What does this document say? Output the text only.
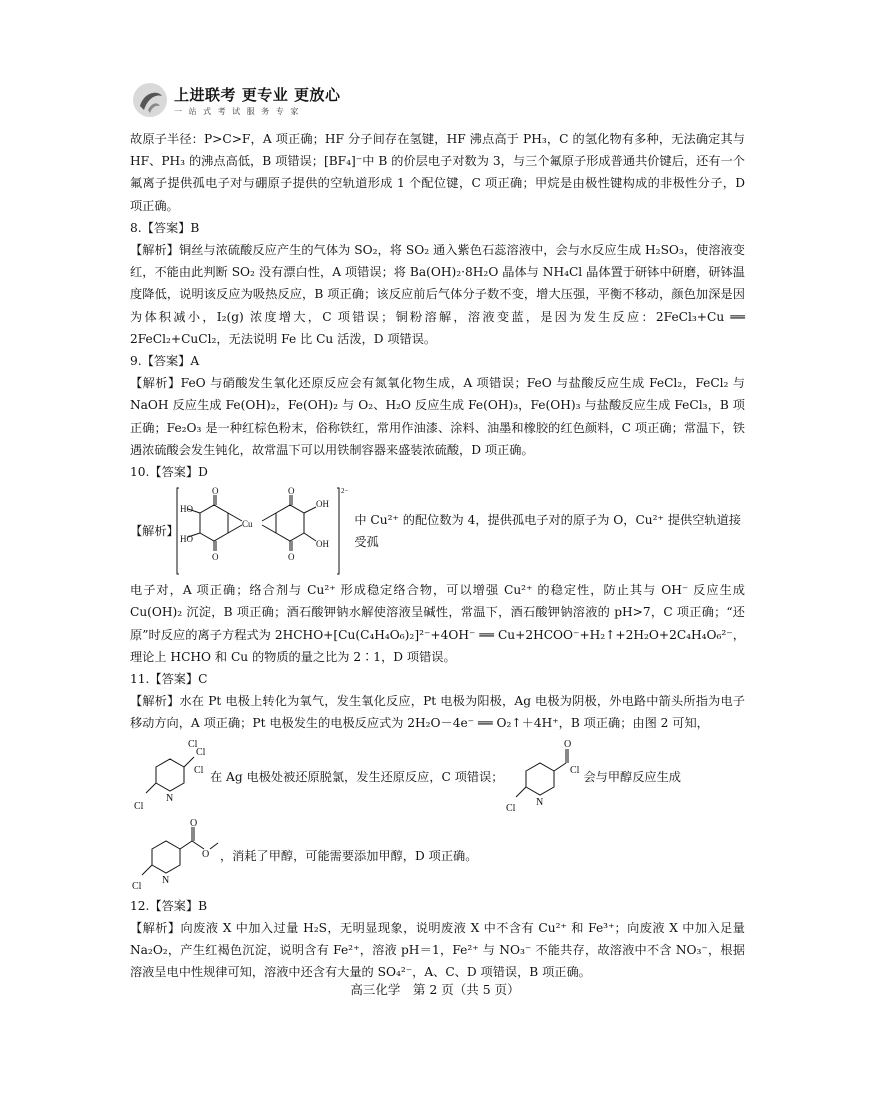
上进联考 更专业 更放心
一 站 式 考 试 服 务 专 家

故原子半径：P>C>F，A 项正确；HF 分子间存在氢键，HF 沸点高于 PH₃，C 的氢化物有多种，无法确定其与 HF、PH₃ 的沸点高低，B 项错误；[BF₄]⁻中 B 的价层电子对数为 3，与三个氟原子形成普通共价键后，还有一个氟离子提供孤电子对与硼原子提供的空轨道形成 1 个配位键，C 项正确；甲烷是由极性键构成的非极性分子，D 项正确。

8.【答案】B

【解析】铜丝与浓硫酸反应产生的气体为 SO₂，将 SO₂ 通入紫色石蕊溶液中，会与水反应生成 H₂SO₃，使溶液变红，不能由此判断 SO₂ 没有漂白性，A 项错误；将 Ba(OH)₂·8H₂O 晶体与 NH₄Cl 晶体置于研钵中研磨，研钵温度降低，说明该反应为吸热反应，B 项正确；该反应前后气体分子数不变，增大压强，平衡不移动，颜色加深是因为体积减小，I₂(g) 浓度增大，C 项错误；铜粉溶解，溶液变蓝，是因为发生反应：2FeCl₃+Cu ══ 2FeCl₂+CuCl₂，无法说明 Fe 比 Cu 活泼，D 项错误。

9.【答案】A

【解析】FeO 与硝酸发生氧化还原反应会有氮氧化物生成，A 项错误；FeO 与盐酸反应生成 FeCl₂，FeCl₂ 与 NaOH 反应生成 Fe(OH)₂，Fe(OH)₂ 与 O₂、H₂O 反应生成 Fe(OH)₃，Fe(OH)₃ 与盐酸反应生成 FeCl₃，B 项正确；Fe₂O₃ 是一种红棕色粉末，俗称铁红，常用作油漆、涂料、油墨和橡胶的红色颜料，C 项正确；常温下，铁遇浓硫酸会发生钝化，故常温下可以用铁制容器来盛装浓硫酸，D 项正确。

10.【答案】D

【解析】
HO
HO
O
O
Cu
O
O
OH
OH
2−
中 Cu²⁺ 的配位数为 4，提供孤电子对的原子为 O，Cu²⁺ 提供空轨道接受孤

电子对，A 项正确；络合剂与 Cu²⁺ 形成稳定络合物，可以增强 Cu²⁺ 的稳定性，防止其与 OH⁻ 反应生成 Cu(OH)₂ 沉淀，B 项正确；酒石酸钾钠水解使溶液呈碱性，常温下，酒石酸钾钠溶液的 pH>7，C 项正确；“还原”时反应的离子方程式为 2HCHO+[Cu(C₄H₄O₆)₂]²⁻+4OH⁻ ══ Cu+2HCOO⁻+H₂↑+2H₂O+2C₄H₄O₆²⁻，理论上 HCHO 和 Cu 的物质的量之比为 2∶1，D 项错误。

11.【答案】C

【解析】水在 Pt 电极上转化为氧气，发生氧化反应，Pt 电极为阳极，Ag 电极为阴极，外电路中箭头所指为电子移动方向，A 项正确；Pt 电极发生的电极反应式为 2H₂O－4e⁻ ══ O₂↑＋4H⁺，B 项正确；由图 2 可知，

Cl
Cl
Cl
N
Cl
在 Ag 电极处被还原脱氯，发生还原反应，C 项错误；
O
Cl
N
Cl
会与甲醇反应生成
O
O
N
Cl
，消耗了甲醇，可能需要添加甲醇，D 项正确。

12.【答案】B

【解析】向废液 X 中加入过量 H₂S，无明显现象，说明废液 X 中不含有 Cu²⁺ 和 Fe³⁺；向废液 X 中加入足量 Na₂O₂，产生红褐色沉淀，说明含有 Fe²⁺，溶液 pH＝1，Fe²⁺ 与 NO₃⁻ 不能共存，故溶液中不含 NO₃⁻，根据溶液呈电中性规律可知，溶液中还含有大量的 SO₄²⁻，A、C、D 项错误，B 项正确。

高三化学　第 2 页（共 5 页）
